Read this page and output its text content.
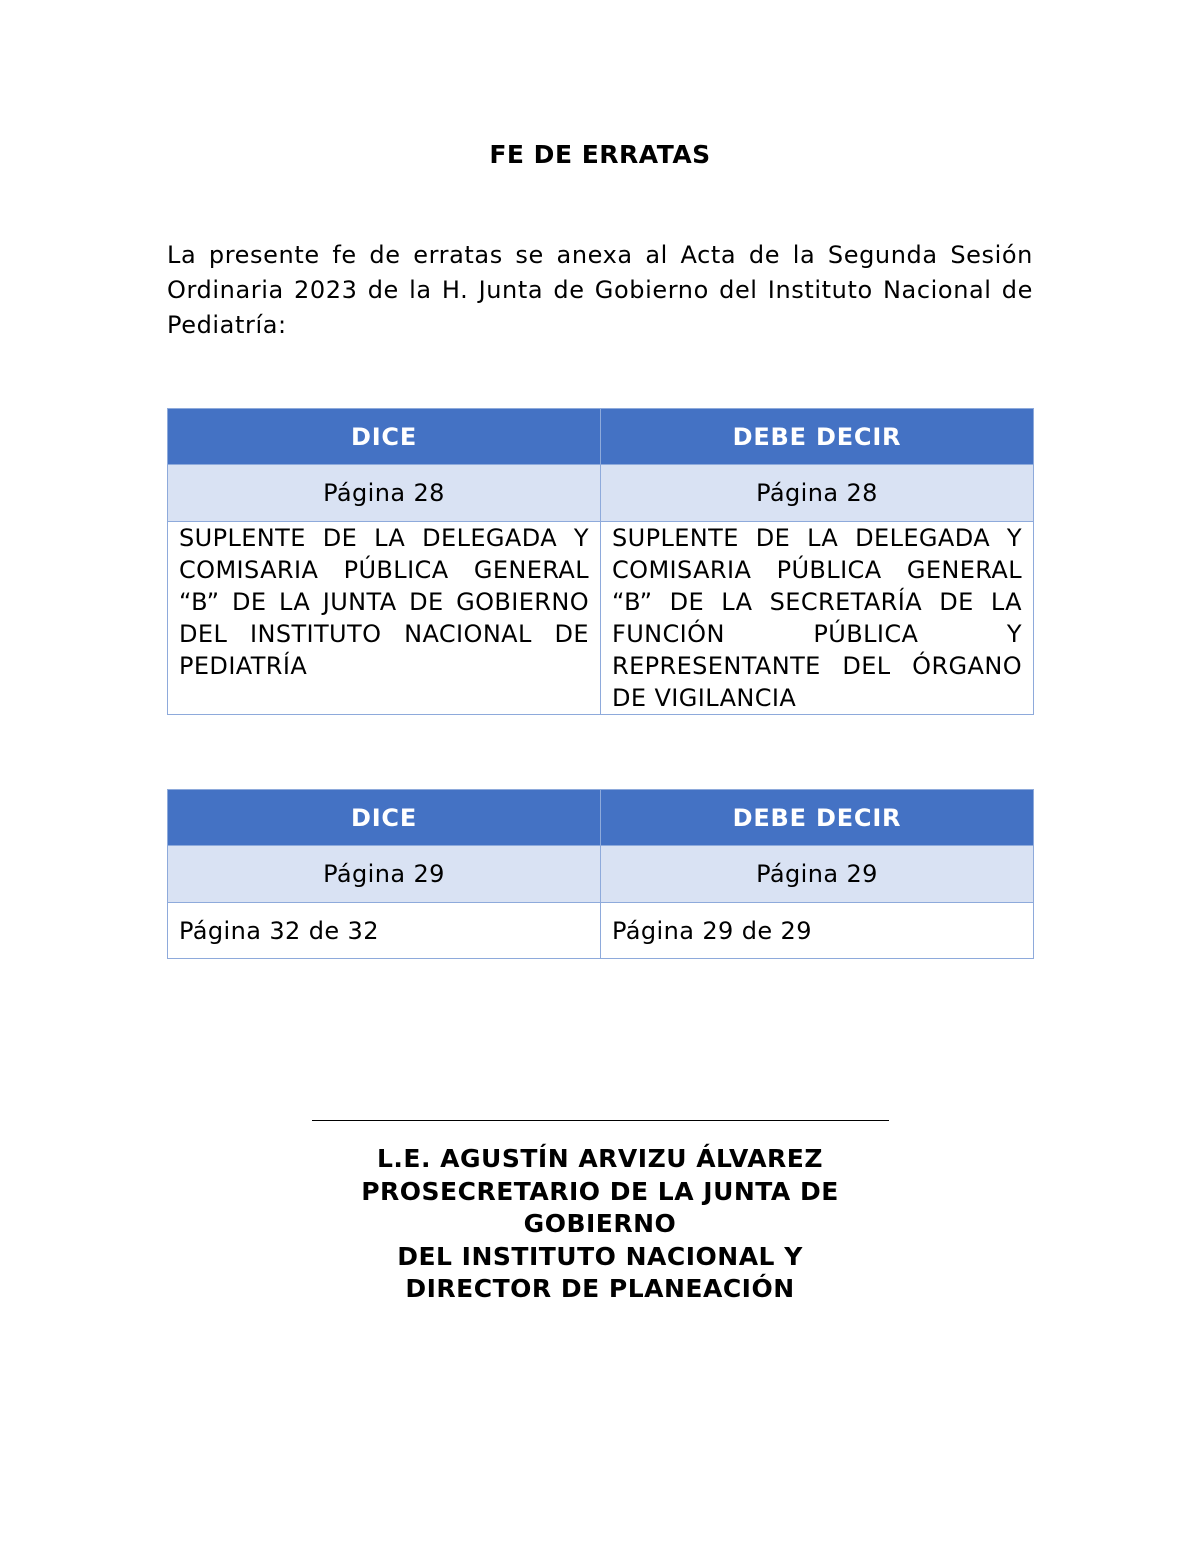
FE DE ERRATAS

La presente fe de erratas se anexa al Acta de la Segunda Sesión Ordinaria 2023 de la H. Junta de Gobierno del Instituto Nacional de Pediatría:

DICE	DEBE DECIR
Página 28	Página 28
SUPLENTE DE LA DELEGADA Y COMISARIA PÚBLICA GENERAL “B” DE LA JUNTA DE GOBIERNO DEL INSTITUTO NACIONAL DE PEDIATRÍA	SUPLENTE DE LA DELEGADA Y COMISARIA PÚBLICA GENERAL “B” DE LA SECRETARÍA DE LA FUNCIÓN PÚBLICA Y REPRESENTANTE DEL ÓRGANO DE VIGILANCIA
DICE	DEBE DECIR
Página 29	Página 29
Página 32 de 32	Página 29 de 29
L.E. AGUSTÍN ARVIZU ÁLVAREZ
PROSECRETARIO DE LA JUNTA DE
GOBIERNO
DEL INSTITUTO NACIONAL Y
DIRECTOR DE PLANEACIÓN
